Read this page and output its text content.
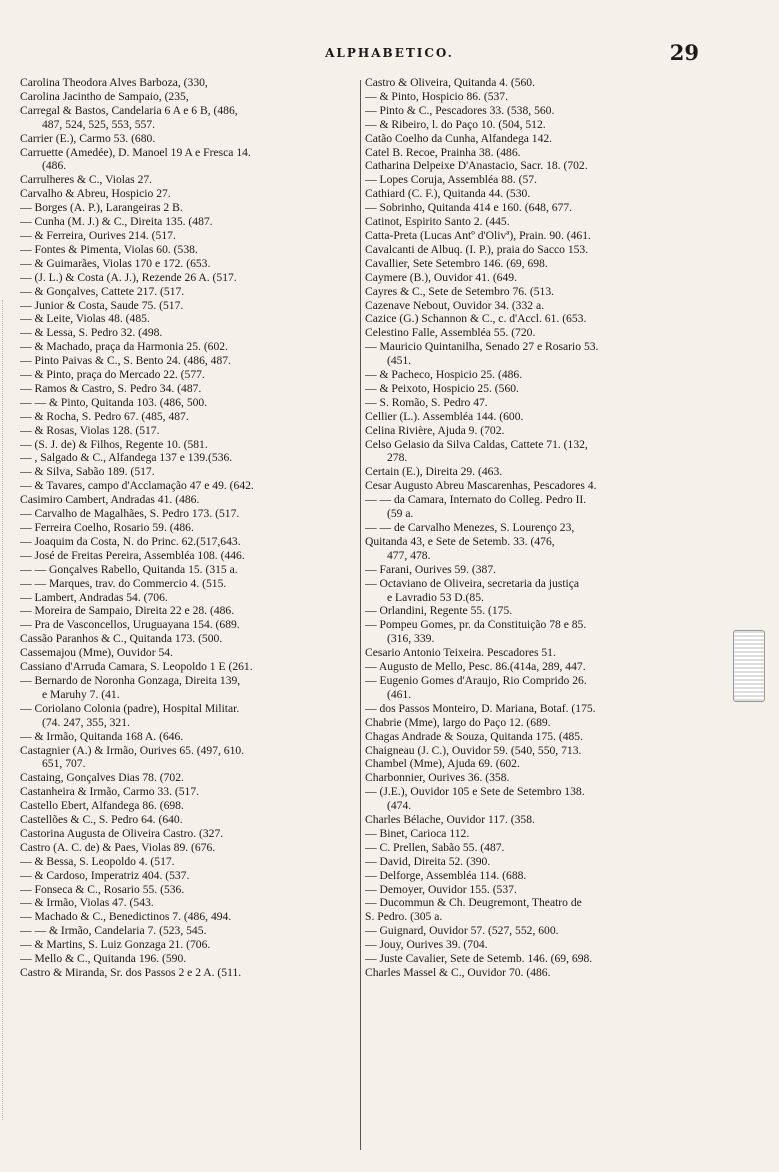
ALPHABETICO.	29
Carolina Theodora Alves Barboza, (330,
Carolina Jacintho de Sampaio, (235,
Carregal & Bastos, Candelaria 6 A e 6 B, (486,
487, 524, 525, 553, 557.
Carrier (E.), Carmo 53. (680.
Carruette (Amedée), D. Manoel 19 A e Fresca 14.
(486.
Carrulheres & C., Violas 27.
Carvalho & Abreu, Hospicio 27.
— Borges (A. P.), Larangeiras 2 B.
— Cunha (M. J.) & C., Direita 135. (487.
— & Ferreira, Ourives 214. (517.
— Fontes & Pimenta, Violas 60. (538.
— & Guimarães, Violas 170 e 172. (653.
— (J. L.) & Costa (A. J.), Rezende 26 A. (517.
— & Gonçalves, Cattete 217. (517.
— Junior & Costa, Saude 75. (517.
— & Leite, Violas 48. (485.
— & Lessa, S. Pedro 32. (498.
— & Machado, praça da Harmonia 25. (602.
— Pinto Paivas & C., S. Bento 24. (486, 487.
— & Pinto, praça do Mercado 22. (577.
— Ramos & Castro, S. Pedro 34. (487.
— — & Pinto, Quitanda 103. (486, 500.
— & Rocha, S. Pedro 67. (485, 487.
— & Rosas, Violas 128. (517.
— (S. J. de) & Filhos, Regente 10. (581.
— , Salgado & C., Alfandega 137 e 139.(536.
— & Silva, Sabão 189. (517.
— & Tavares, campo d'Acclamação 47 e 49. (642.
Casimiro Cambert, Andradas 41. (486.
— Carvalho de Magalhães, S. Pedro 173. (517.
— Ferreira Coelho, Rosario 59. (486.
— Joaquim da Costa, N. do Princ. 62.(517,643.
— José de Freitas Pereira, Assembléa 108. (446.
— — Gonçalves Rabello, Quitanda 15. (315 a.
— — Marques, trav. do Commercio 4. (515.
— Lambert, Andradas 54. (706.
— Moreira de Sampaio, Direita 22 e 28. (486.
— Pra de Vasconcellos, Uruguayana 154. (689.
Cassão Paranhos & C., Quitanda 173. (500.
Cassemajou (Mme), Ouvidor 54.
Cassiano d'Arruda Camara, S. Leopoldo 1 E (261.
— Bernardo de Noronha Gonzaga, Direita 139,
e Maruhy 7. (41.
— Coriolano Colonia (padre), Hospital Militar.
(74. 247, 355, 321.
— & Irmão, Quitanda 168 A. (646.
Castagnier (A.) & Irmão, Ourives 65. (497, 610.
651, 707.
Castaing, Gonçalves Dias 78. (702.
Castanheira & Irmão, Carmo 33. (517.
Castello Ebert, Alfandega 86. (698.
Castellões & C., S. Pedro 64. (640.
Castorina Augusta de Oliveira Castro. (327.
Castro (A. C. de) & Paes, Violas 89. (676.
— & Bessa, S. Leopoldo 4. (517.
— & Cardoso, Imperatriz 404. (537.
— Fonseca & C., Rosario 55. (536.
— & Irmão, Violas 47. (543.
— Machado & C., Benedictinos 7. (486, 494.
— — & Irmão, Candelaria 7. (523, 545.
— & Martins, S. Luiz Gonzaga 21. (706.
— Mello & C., Quitanda 196. (590.
Castro & Miranda, Sr. dos Passos 2 e 2 A. (511.
Castro & Oliveira, Quitanda 4. (560.
— & Pinto, Hospicio 86. (537.
— Pinto & C., Pescadores 33. (538, 560.
— & Ribeiro, l. do Paço 10. (504, 512.
Catão Coelho da Cunha, Alfandega 142.
Catel B. Recoe, Prainha 38. (486.
Catharina Delpeixe D'Anastacio, Sacr. 18. (702.
— Lopes Coruja, Assembléa 88. (57.
Cathiard (C. F.), Quitanda 44. (530.
— Sobrinho, Quitanda 414 e 160. (648, 677.
Catinot, Espirito Santo 2. (445.
Catta-Preta (Lucas Antº d'Olivª), Prain. 90. (461.
Cavalcanti de Albuq. (I. P.), praia do Sacco 153.
Cavallier, Sete Setembro 146. (69, 698.
Caymere (B.), Ouvidor 41. (649.
Cayres & C., Sete de Setembro 76. (513.
Cazenave Nebout, Ouvidor 34. (332 a.
Cazice (G.) Schannon & C., c. d'Accl. 61. (653.
Celestino Falle, Assembléa 55. (720.
— Mauricio Quintanilha, Senado 27 e Rosario 53.
(451.
— & Pacheco, Hospicio 25. (486.
— & Peixoto, Hospicio 25. (560.
— S. Romão, S. Pedro 47.
Cellier (L.). Assembléa 144. (600.
Celina Rivière, Ajuda 9. (702.
Celso Gelasio da Silva Caldas, Cattete 71. (132,
278.
Certain (E.), Direita 29. (463.
Cesar Augusto Abreu Mascarenhas, Pescadores 4.
— — da Camara, Internato do Colleg. Pedro II.
(59 a.
— — de Carvalho Menezes, S. Lourenço 23,
Quitanda 43, e Sete de Setemb. 33. (476,
477, 478.
— Farani, Ourives 59. (387.
— Octaviano de Oliveira, secretaria da justiça
e Lavradio 53 D.(85.
— Orlandini, Regente 55. (175.
— Pompeu Gomes, pr. da Constituição 78 e 85.
(316, 339.
Cesario Antonio Teixeira. Pescadores 51.
— Augusto de Mello, Pesc. 86.(414a, 289, 447.
— Eugenio Gomes d'Araujo, Rio Comprido 26.
(461.
— dos Passos Monteiro, D. Mariana, Botaf. (175.
Chabrie (Mme), largo do Paço 12. (689.
Chagas Andrade & Souza, Quitanda 175. (485.
Chaigneau (J. C.), Ouvidor 59. (540, 550, 713.
Chambel (Mme), Ajuda 69. (602.
Charbonnier, Ourives 36. (358.
— (J.E.), Ouvidor 105 e Sete de Setembro 138.
(474.
Charles Bélache, Ouvidor 117. (358.
— Binet, Carioca 112.
— C. Prellen, Sabão 55. (487.
— David, Direita 52. (390.
— Delforge, Assembléa 114. (688.
— Demoyer, Ouvidor 155. (537.
— Ducommun & Ch. Deugremont, Theatro de
S. Pedro. (305 a.
— Guignard, Ouvidor 57. (527, 552, 600.
— Jouy, Ourives 39. (704.
— Juste Cavalier, Sete de Setemb. 146. (69, 698.
Charles Massel & C., Ouvidor 70. (486.
